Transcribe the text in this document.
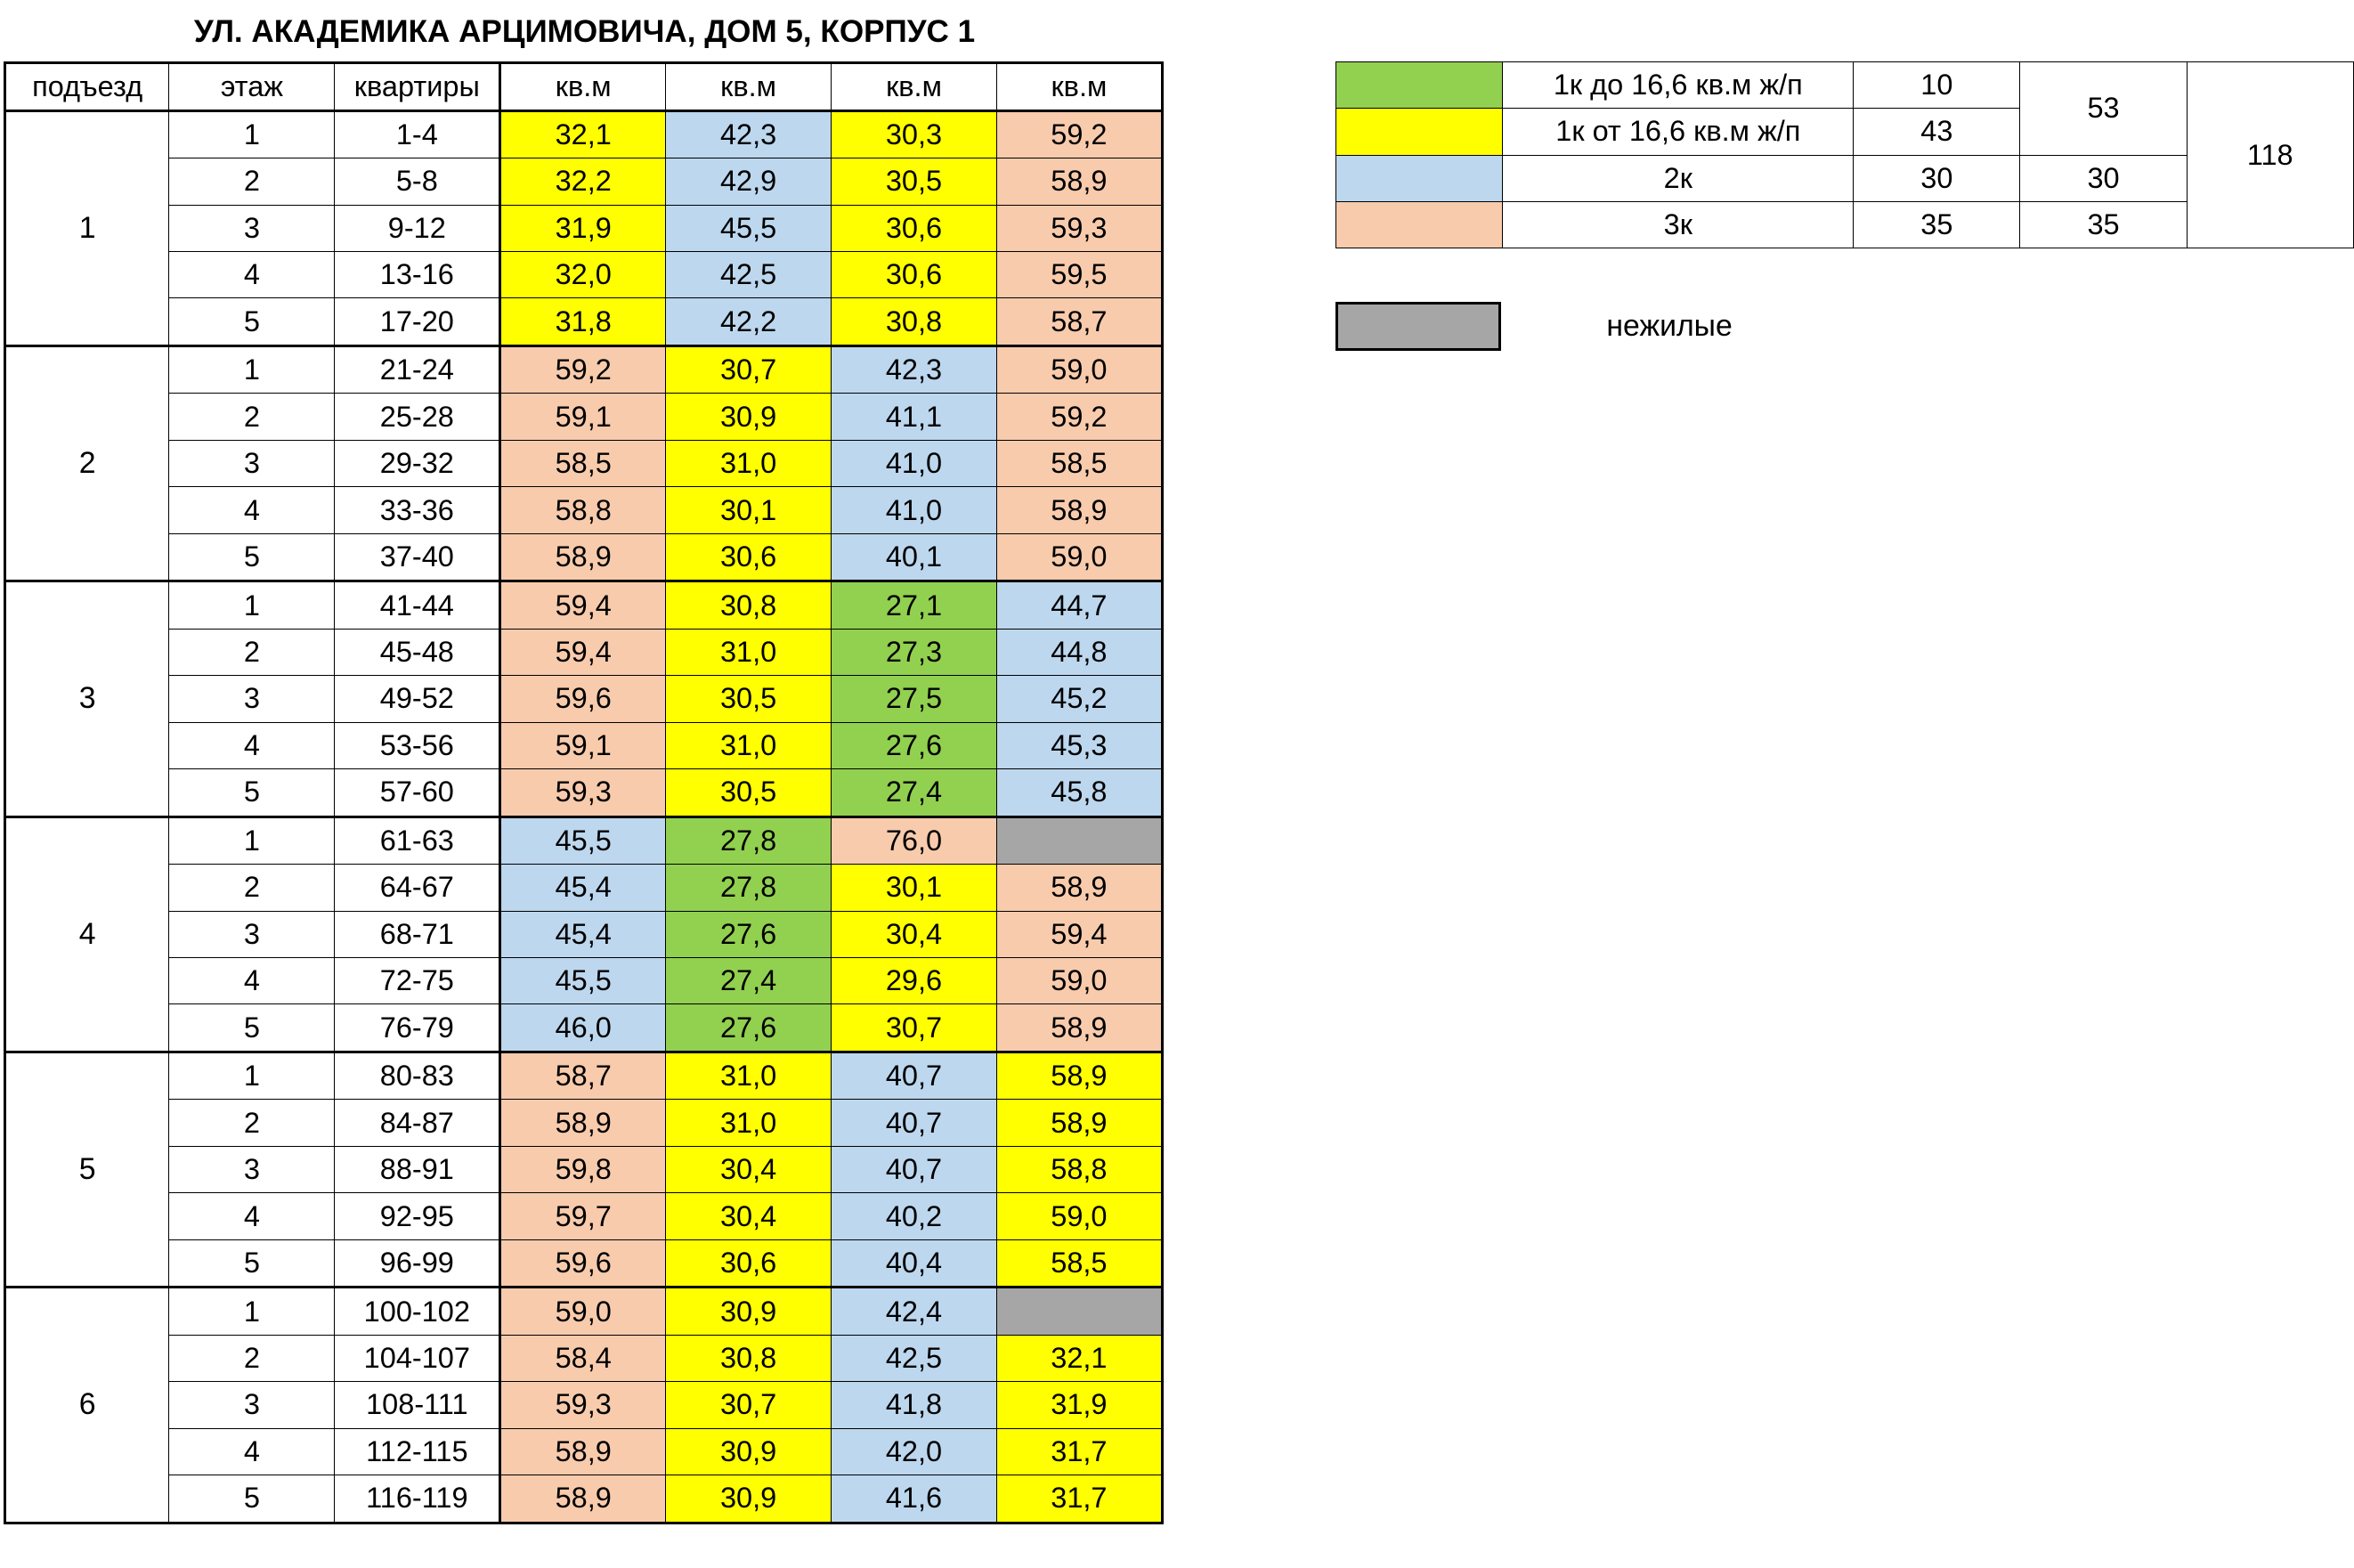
УЛ. АКАДЕМИКА АРЦИМОВИЧА, ДОМ 5, КОРПУС 1
подъезд	этаж	квартиры	кв.м	кв.м	кв.м	кв.м
1	1	1-4	32,1	42,3	30,3	59,2
	2	5-8	32,2	42,9	30,5	58,9
	3	9-12	31,9	45,5	30,6	59,3
	4	13-16	32,0	42,5	30,6	59,5
	5	17-20	31,8	42,2	30,8	58,7
2	1	21-24	59,2	30,7	42,3	59,0
	2	25-28	59,1	30,9	41,1	59,2
	3	29-32	58,5	31,0	41,0	58,5
	4	33-36	58,8	30,1	41,0	58,9
	5	37-40	58,9	30,6	40,1	59,0
3	1	41-44	59,4	30,8	27,1	44,7
	2	45-48	59,4	31,0	27,3	44,8
	3	49-52	59,6	30,5	27,5	45,2
	4	53-56	59,1	31,0	27,6	45,3
	5	57-60	59,3	30,5	27,4	45,8
4	1	61-63	45,5	27,8	76,0	
	2	64-67	45,4	27,8	30,1	58,9
	3	68-71	45,4	27,6	30,4	59,4
	4	72-75	45,5	27,4	29,6	59,0
	5	76-79	46,0	27,6	30,7	58,9
5	1	80-83	58,7	31,0	40,7	58,9
	2	84-87	58,9	31,0	40,7	58,9
	3	88-91	59,8	30,4	40,7	58,8
	4	92-95	59,7	30,4	40,2	59,0
	5	96-99	59,6	30,6	40,4	58,5
6	1	100-102	59,0	30,9	42,4	
	2	104-107	58,4	30,8	42,5	32,1
	3	108-111	59,3	30,7	41,8	31,9
	4	112-115	58,9	30,9	42,0	31,7
	5	116-119	58,9	30,9	41,6	31,7
	1к до 16,6 кв.м ж/п	10	53	118
	1к от 16,6 кв.м ж/п	43		
	2к	30	30	
	3к	35	35	
нежилые
